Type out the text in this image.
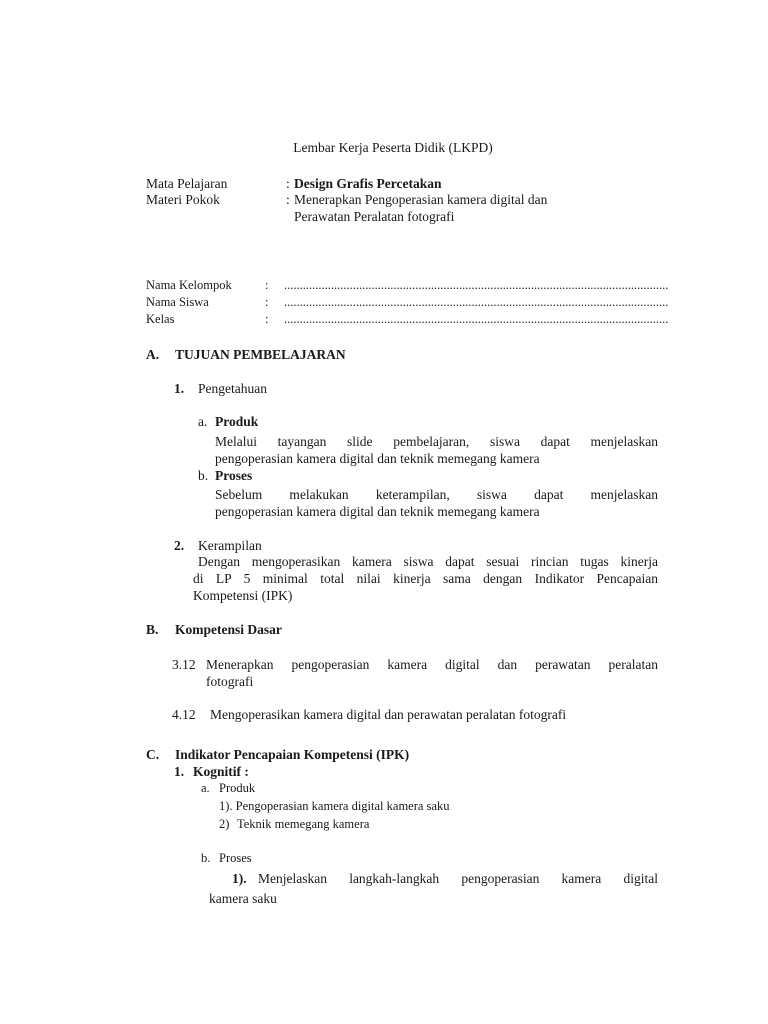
Lembar Kerja Peserta Didik (LKPD)
Mata Pelajaran	: Design Grafis Percetakan
Materi Pokok	: Menerapkan Pengoperasian kamera digital dan
Perawatan Peralatan fotografi
Nama Kelompok	: ...........................................................................................................................
Nama Siswa	: ...........................................................................................................................
Kelas	: ...........................................................................................................................
A. TUJUAN PEMBELAJARAN
1. Pengetahuan
a. Produk
Melalui tayangan slide pembelajaran, siswa dapat menjelaskan
pengoperasian kamera digital dan teknik memegang kamera
b. Proses
Sebelum melakukan keterampilan, siswa dapat menjelaskan
pengoperasian kamera digital dan teknik memegang kamera
2. Kerampilan
Dengan mengoperasikan kamera siswa dapat sesuai rincian tugas kinerja
di LP 5 minimal total nilai kinerja sama dengan Indikator Pencapaian
Kompetensi (IPK)
B. Kompetensi Dasar
3.12 Menerapkan pengoperasian kamera digital dan perawatan peralatan
fotografi
4.12 Mengoperasikan kamera digital dan perawatan peralatan fotografi
C. Indikator Pencapaian Kompetensi (IPK)
1. Kognitif :
a. Produk
1). Pengoperasian kamera digital kamera saku
2) Teknik memegang kamera
b. Proses
1). Menjelaskan langkah-langkah pengoperasian kamera digital
kamera saku
